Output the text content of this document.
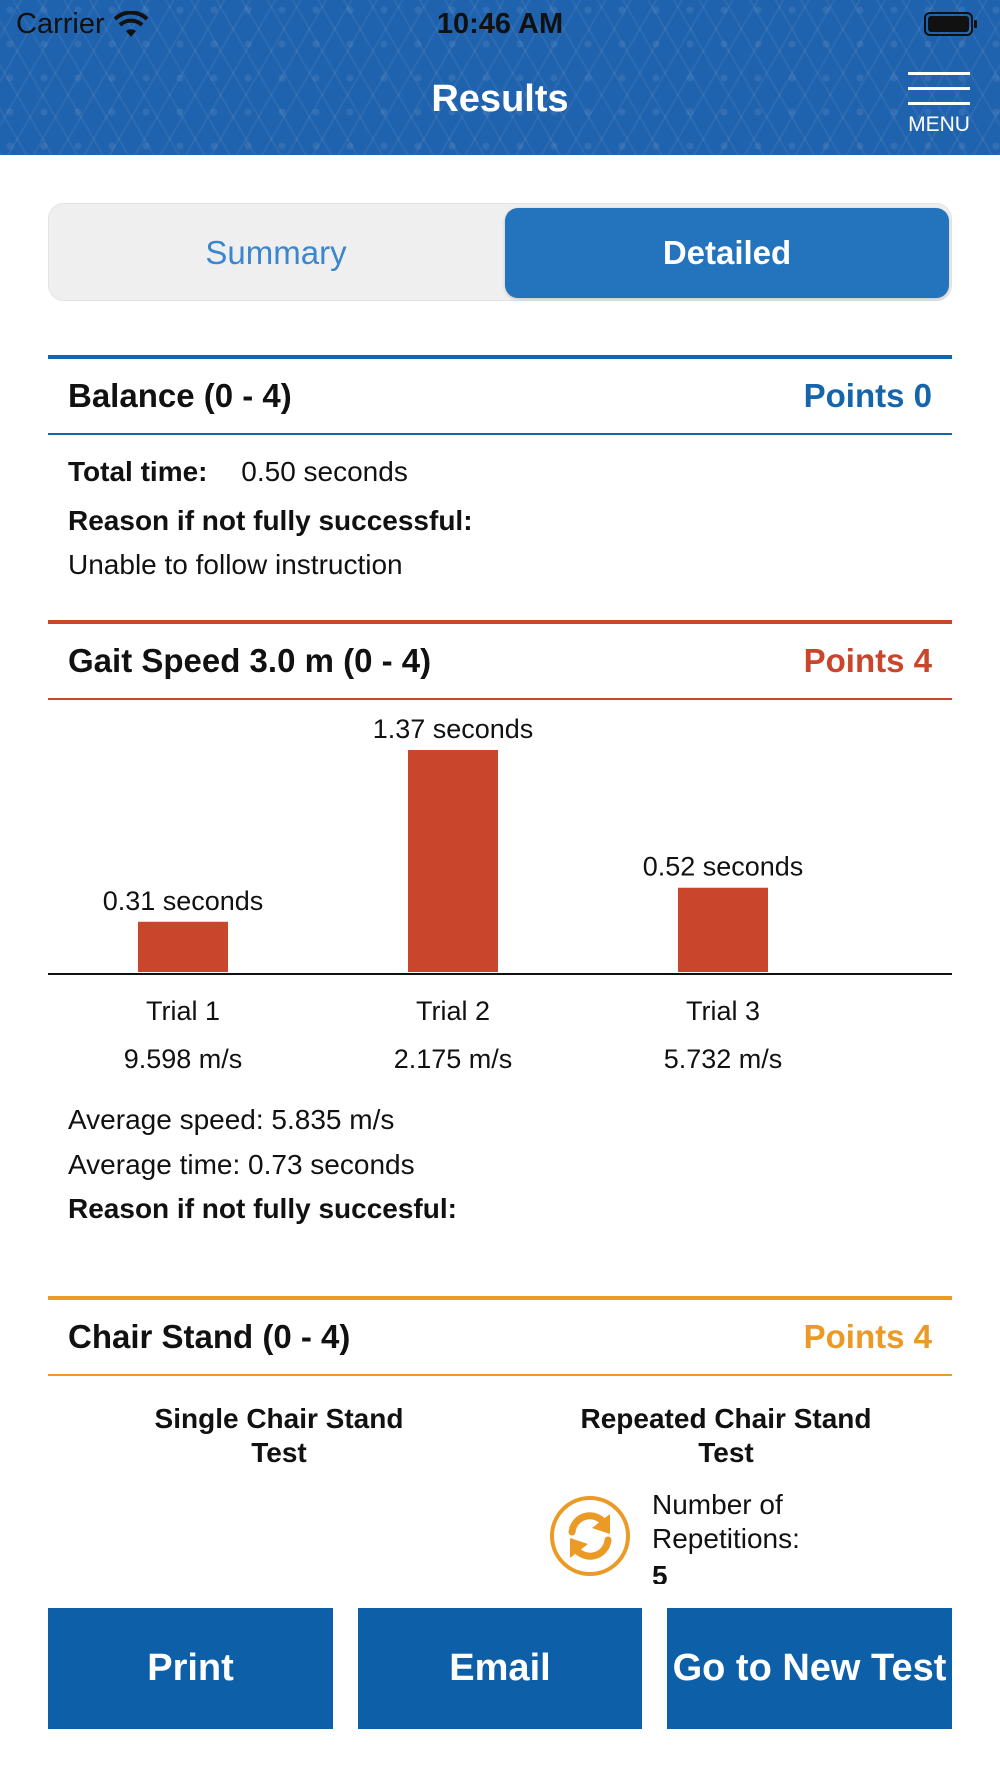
Carrier	10:46 AM
Results
MENU
Summary	Detailed
Balance (0 - 4)	Points 0
Total time: 0.50 seconds
Reason if not fully successful:
Unable to follow instruction
Gait Speed 3.0 m (0 - 4)	Points 4
0.31 seconds
Trial 1
9.598 m/s
1.37 seconds
Trial 2
2.175 m/s
0.52 seconds
Trial 3
5.732 m/s
Average speed: 5.835 m/s
Average time: 0.73 seconds
Reason if not fully succesful:
Chair Stand (0 - 4)	Points 4
Single Chair Stand
Test
Repeated Chair Stand
Test
Number of
Repetitions:
5
Print	Email	Go to New Test
